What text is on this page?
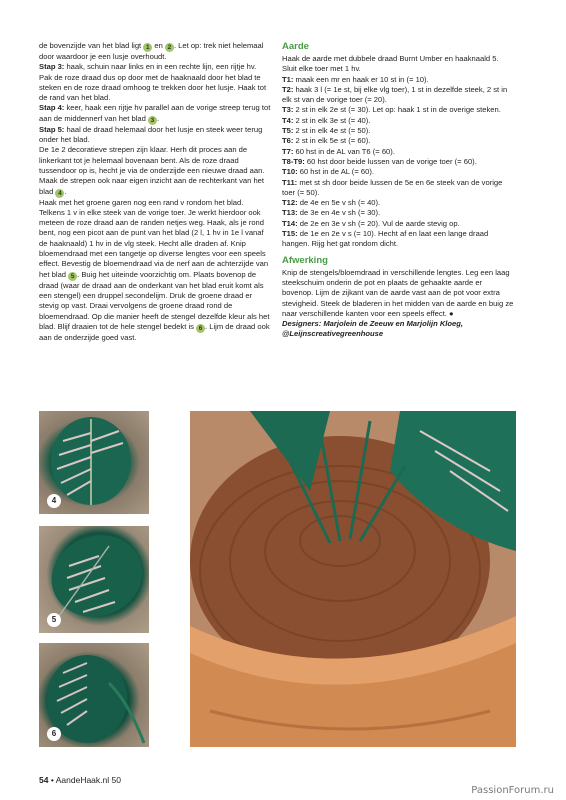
de bovenzijde van het blad ligt 1 en 2 . Let op: trek niet helemaal door waardoor je een lusje overhoudt.

Stap 3: haak, schuin naar links en in een rechte lijn, een rijtje hv. Pak de roze draad dus op door met de haaknaald door het blad te steken en de roze draad omhoog te trekken door het lusje. Haak tot de rand van het blad.

Stap 4: keer, haak een rijtje hv parallel aan de vorige streep terug tot aan de middennerf van het blad 3 .

Stap 5: haal de draad helemaal door het lusje en steek weer terug onder het blad.

De 1e 2 decoratieve strepen zijn klaar. Herh dit proces aan de linkerkant tot je helemaal bovenaan bent. Als de roze draad tussendoor op is, hecht je via de onderzijde een nieuwe draad aan. Maak de strepen ook naar eigen inzicht aan de rechterkant van het blad 4 .

Haak met het groene garen nog een rand v rondom het blad. Telkens 1 v in elke steek van de vorige toer. Je werkt hierdoor ook meteen de roze draad aan de randen netjes weg. Haak, als je rond bent, nog een picot aan de punt van het blad (2 l, 1 hv in 1e l vanaf de haaknaald) 1 hv in de vlg steek. Hecht alle draden af. Knip bloemendraad met een tangetje op diverse lengtes voor een speels effect. Bevestig de bloemendraad via de nerf aan de achterzijde van het blad 5 . Buig het uiteinde voorzichtig om. Plaats bovenop de draad (waar de draad aan de onderkant van het blad eruit komt als een stengel) een druppel secondelijm. Druk de groene draad er stevig op vast. Draai vervolgens de groene draad rond de bloemendraad. Op die manier heeft de stengel dezelfde kleur als het blad. Blijf draaien tot de hele stengel bedekt is 6 . Lijm de draad ook aan de onderzijde goed vast.

Aarde

Haak de aarde met dubbele draad Burnt Umber en haaknaald 5. Sluit elke toer met 1 hv.

T1: maak een mr en haak er 10 st in (= 10).

T2: haak 3 l (= 1e st, bij elke vlg toer), 1 st in dezelfde steek, 2 st in elk st van de vorige toer (= 20).

T3: 2 st in elk 2e st (= 30). Let op: haak 1 st in de overige steken.

T4: 2 st in elk 3e st (= 40).

T5: 2 st in elk 4e st (= 50).

T6: 2 st in elk 5e st (= 60).

T7: 60 hst in de AL van T6 (= 60).

T8-T9: 60 hst door beide lussen van de vorige toer (= 60).

T10: 60 hst in de AL (= 60).

T11: met st sh door beide lussen de 5e en 6e steek van de vorige toer (= 50).

T12: de 4e en 5e v sh (= 40).

T13: de 3e en 4e v sh (= 30).

T14: de 2e en 3e v sh (= 20). Vul de aarde stevig op.

T15: de 1e en 2e v s (= 10). Hecht af en laat een lange draad hangen. Rijg het gat rondom dicht.

Afwerking

Knip de stengels/bloemdraad in verschillende lengtes. Leg een laag steekschuim onderin de pot en plaats de gehaakte aarde er bovenop. Lijm de zijkant van de aarde vast aan de pot voor extra stevigheid. Steek de bladeren in het midden van de aarde en buig ze naar verschillende kanten voor een speels effect. ●

Designers: Marjolein de Zeeuw en Marjolijn Kloeg,
@Leijnscreativegreenhouse

4
5
6
54 • AandeHaak.nl 50
PassionForum.ru
